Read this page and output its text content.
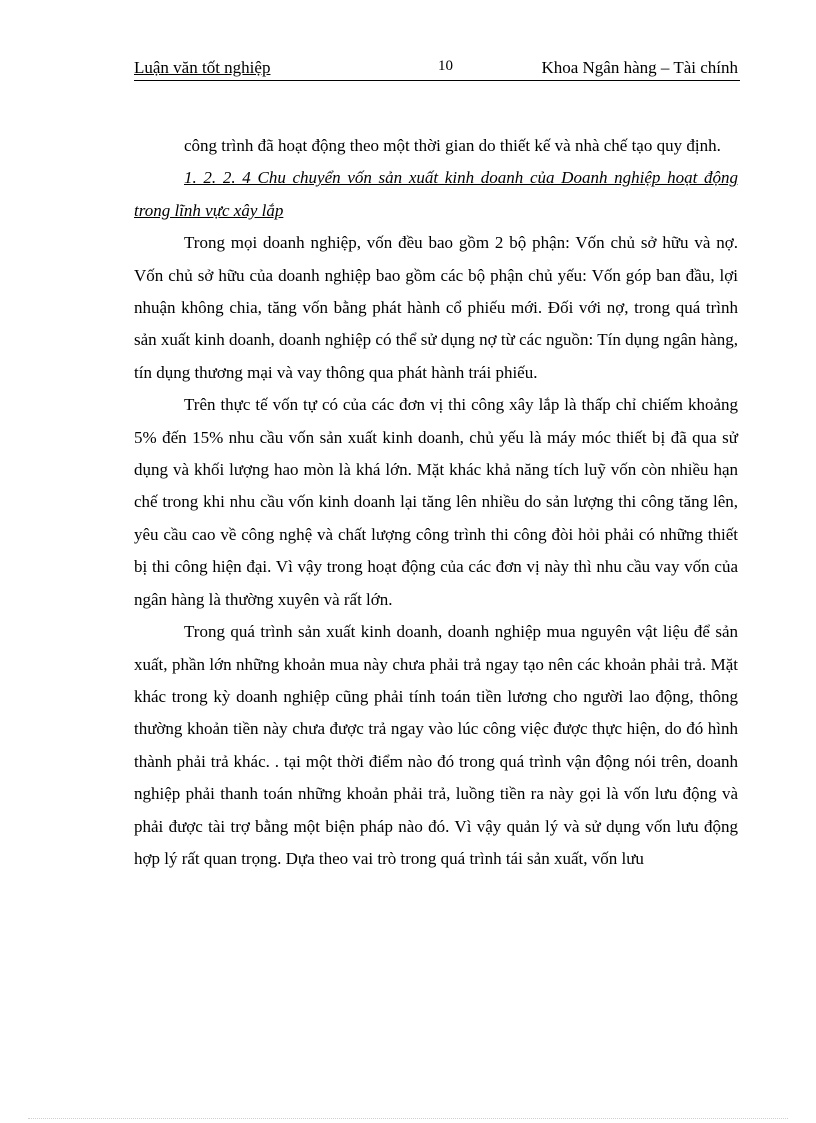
Luận văn tốt nghiệp	10	Khoa Ngân hàng – Tài chính

công trình đã hoạt động theo một thời gian do thiết kế và nhà chế tạo quy định.

1. 2. 2. 4 Chu chuyển vốn sản xuất kinh doanh của Doanh nghiệp hoạt động trong lĩnh vực xây lắp

Trong mọi doanh nghiệp, vốn đều bao gồm 2 bộ phận: Vốn chủ sở hữu và nợ. Vốn chủ sở hữu của doanh nghiệp bao gồm các bộ phận chủ yếu: Vốn góp ban đầu, lợi nhuận không chia, tăng vốn bằng phát hành cổ phiếu mới. Đối với nợ, trong quá trình sản xuất kinh doanh, doanh nghiệp có thể sử dụng nợ từ các nguồn: Tín dụng ngân hàng, tín dụng thương mại và vay thông qua phát hành trái phiếu.

Trên thực tế vốn tự có của các đơn vị thi công xây lắp là thấp chỉ chiếm khoảng 5% đến 15% nhu cầu vốn sản xuất kinh doanh, chủ yếu là máy móc thiết bị đã qua sử dụng và khối lượng hao mòn là khá lớn. Mặt khác khả năng tích luỹ vốn còn nhiều hạn chế trong khi nhu cầu vốn kinh doanh lại tăng lên nhiều do sản lượng thi công tăng lên, yêu cầu cao về công nghệ và chất lượng công trình thi công đòi hỏi phải có những thiết bị thi công hiện đại. Vì vậy trong hoạt động của các đơn vị này thì nhu cầu vay vốn của ngân hàng là thường xuyên và rất lớn.

Trong quá trình sản xuất kinh doanh, doanh nghiệp mua nguyên vật liệu để sản xuất, phần lớn những khoản mua này chưa phải trả ngay tạo nên các khoản phải trả. Mặt khác trong kỳ doanh nghiệp cũng phải tính toán tiền lương cho người lao động, thông thường khoản tiền này chưa được trả ngay vào lúc công việc được thực hiện, do đó hình thành phải trả khác. . tại một thời điểm nào đó trong quá trình vận động nói trên, doanh nghiệp phải thanh toán những khoản phải trả, luồng tiền ra này gọi là vốn lưu động và phải được tài trợ bằng một biện pháp nào đó. Vì vậy quản lý và sử dụng vốn lưu động hợp lý rất quan trọng. Dựa theo vai trò trong quá trình tái sản xuất, vốn lưu
